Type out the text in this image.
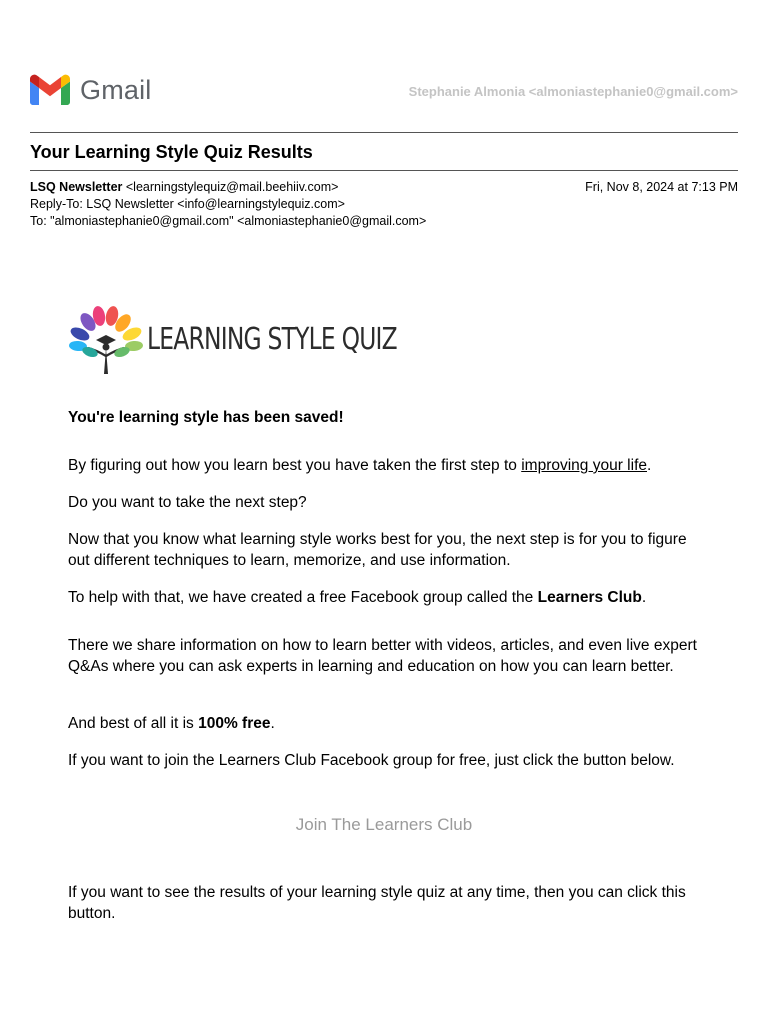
Gmail	Stephanie Almonia <almoniastephanie0@gmail.com>
Your Learning Style Quiz Results
LSQ Newsletter <learningstylequiz@mail.beehiiv.com>	Fri, Nov 8, 2024 at 7:13 PM
Reply-To: LSQ Newsletter <info@learningstylequiz.com>
To: "almoniastephanie0@gmail.com" <almoniastephanie0@gmail.com>
LEARNING STYLE QUIZ
You're learning style has been saved!
By figuring out how you learn best you have taken the first step to improving your life.
Do you want to take the next step?
Now that you know what learning style works best for you, the next step is for you to figure out different techniques to learn, memorize, and use information.
To help with that, we have created a free Facebook group called the Learners Club.
There we share information on how to learn better with videos, articles, and even live expert Q&As where you can ask experts in learning and education on how you can learn better.
And best of all it is 100% free.
If you want to join the Learners Club Facebook group for free, just click the button below.
Join The Learners Club
If you want to see the results of your learning style quiz at any time, then you can click this button.
